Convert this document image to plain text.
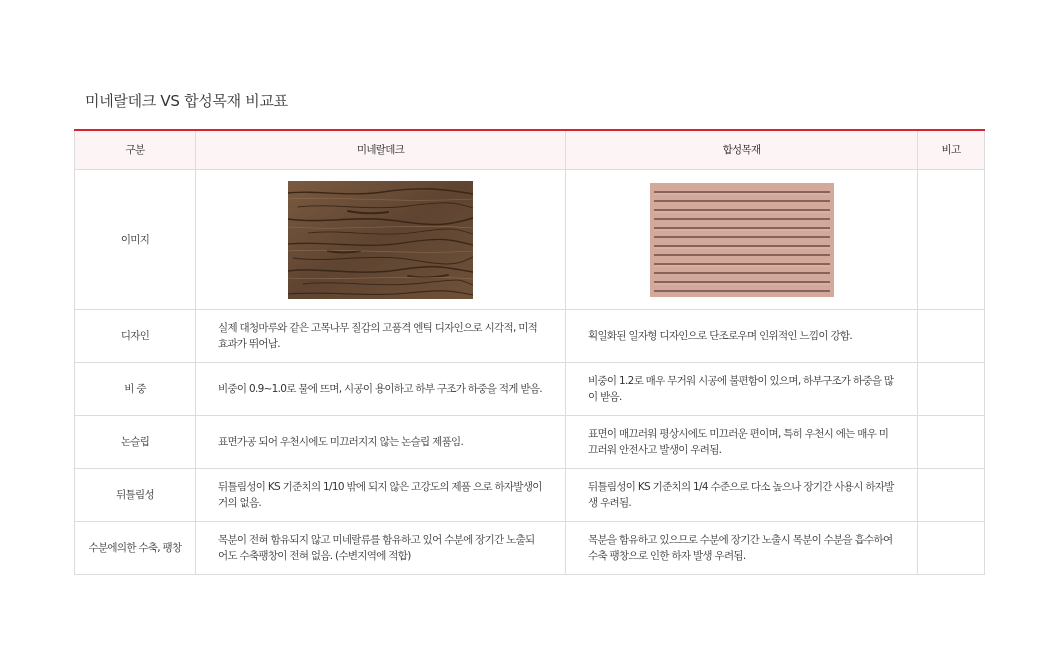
미네랄데크 VS 합성목재 비교표
구분	미네랄데크	합성목재	비고
이미지			
디자인	실제 대청마루와 같은 고목나무 질감의 고품격 엔틱 디자인으로 시각적, 미적 효과가 뛰어남.	획일화된 일자형 디자인으로 단조로우며 인위적인 느낌이 강함.	
비 중	비중이 0.9~1.0로 물에 뜨며, 시공이 용이하고 하부 구조가 하중을 적게 받음.	비중이 1.2로 매우 무거워 시공에 불편함이 있으며, 하부구조가 하중을 많이 받음.	
논슬립	표면가공 되어 우천시에도 미끄러지지 않는 논슬립 제품임.	표면이 매끄러워 평상시에도 미끄러운 편이며, 특히 우천시 에는 매우 미끄러워 안전사고 발생이 우려됨.	
뒤틀림성	뒤틀림성이 KS 기준치의 1/10 밖에 되지 않은 고강도의 제품 으로 하자발생이 거의 없음.	뒤틀림성이 KS 기준치의 1/4 수준으로 다소 높으나 장기간 사용시 하자발생 우려됨.	
수분에의한 수축, 팽창	목분이 전혀 함유되지 않고 미네랄류를 함유하고 있어 수분에 장기간 노출되어도 수축팽창이 전혀 없음. (수변지역에 적합)	목분을 함유하고 있으므로 수분에 장기간 노출시 목분이 수분을 흡수하여 수축 팽창으로 인한 하자 발생 우려됨.	
